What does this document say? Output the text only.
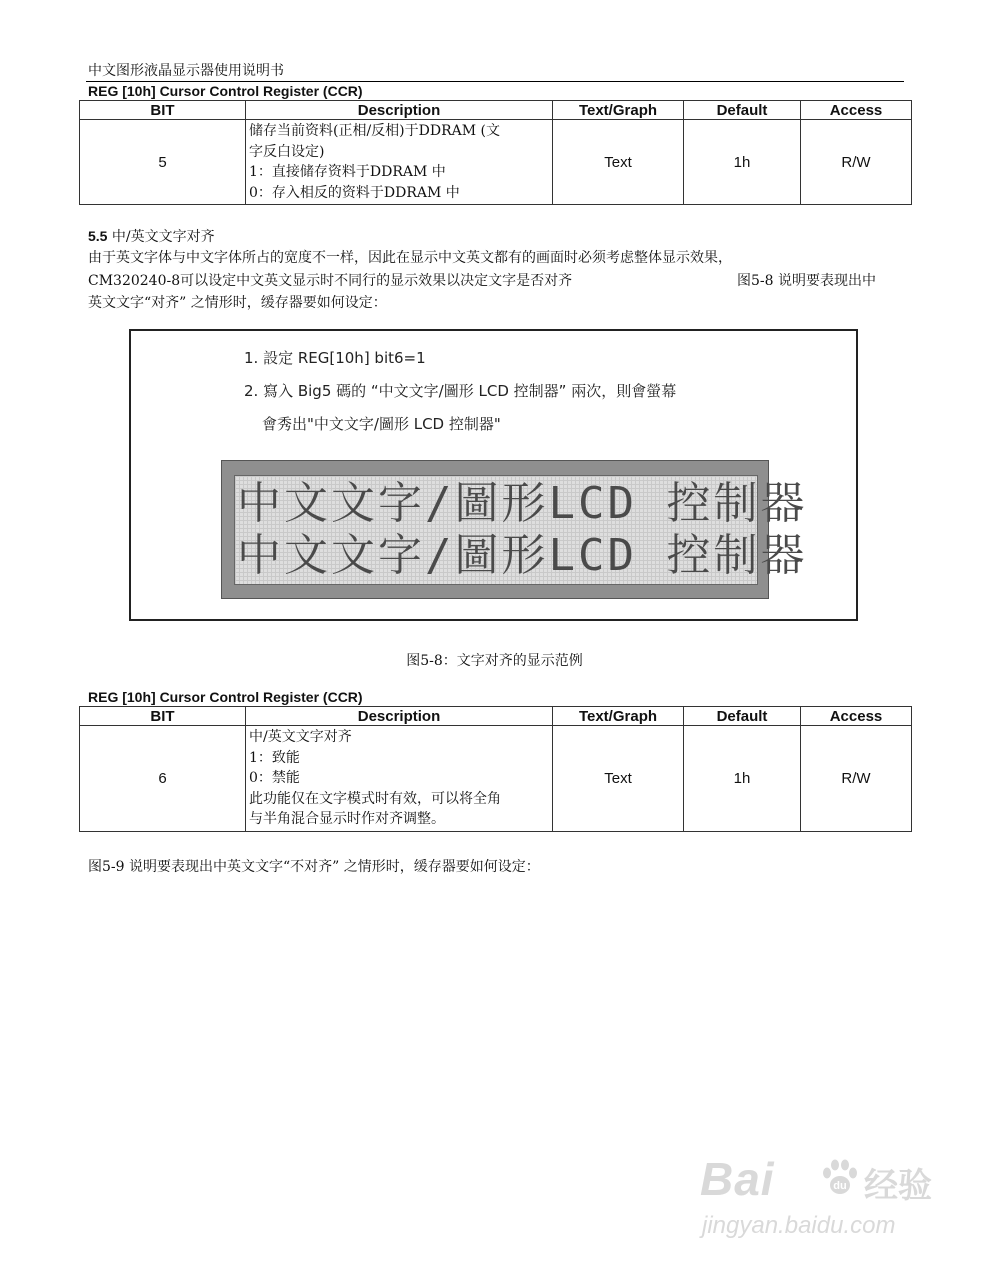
中文图形液晶显示器使用说明书
REG [10h] Cursor Control Register (CCR)
BIT	Description	Text/Graph	Default	Access
5	储存当前资料(正相/反相)于DDRAM (文
字反白设定)
1：直接储存资料于DDRAM 中
0：存入相反的资料于DDRAM 中	Text	1h	R/W
5.5 中/英文文字对齐
由于英文字体与中文字体所占的宽度不一样，因此在显示中文英文都有的画面时必须考虑整体显示效果，
CM320240-8可以设定中文英文显示时不同行的显示效果以决定文字是否对齐	图5-8 说明要表现出中
英文文字“对齐” 之情形时，缓存器要如何设定：
1. 設定 REG[10h] bit6=1
2. 寫入 Big5 碼的 “中文文字/圖形 LCD 控制器” 兩次，則會螢幕
會秀出"中文文字/圖形 LCD 控制器"
中文文字/圖形LCD 控制器
中文文字/圖形LCD 控制器
图5-8：文字对齐的显示范例
REG [10h] Cursor Control Register (CCR)
BIT	Description	Text/Graph	Default	Access
6	中/英文文字对齐
1：致能
0：禁能
此功能仅在文字模式时有效，可以将全角
与半角混合显示时作对齐调整。	Text	1h	R/W
图5-9 说明要表现出中英文文字“不对齐” 之情形时，缓存器要如何设定：
Bai	du 经验
jingyan.baidu.com
